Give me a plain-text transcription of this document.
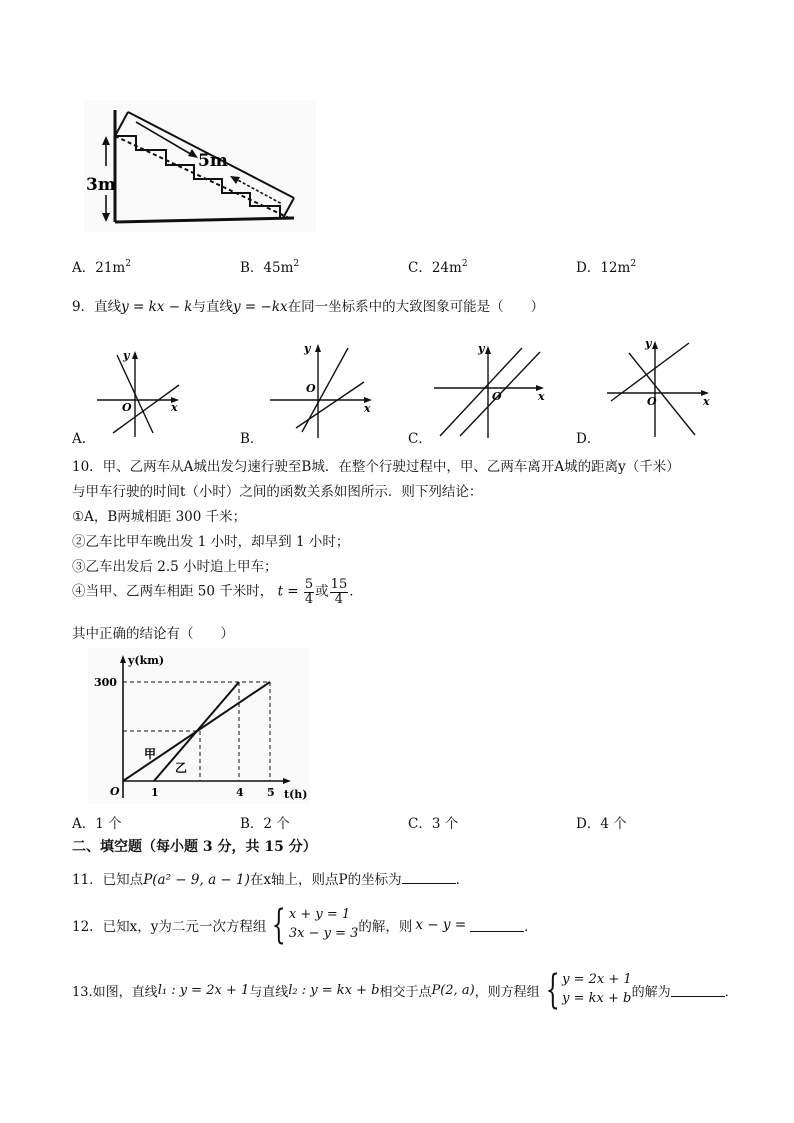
5m
3m
A．$21m^2$	B．$45m^2$	C．$24m^2$	D．$12m^2$
9．直线y = kx − k与直线y = −kx在同一坐标系中的大致图象可能是（　　）
y
x
O
A．
y
x
O
B．
y
x
O
C．
y
x
O
D．
10．甲、乙两车从A城出发匀速行驶至B城．在整个行驶过程中，甲、乙两车离开A城的距离y（千米）
与甲车行驶的时间t（小时）之间的函数关系如图所示．则下列结论：
①A，B两城相距 300 千米；
②乙车比甲车晚出发 1 小时，却早到 1 小时；
③乙车出发后 2.5 小时追上甲车；
④当甲、乙两车相距 50 千米时， $t = \frac{5}{4}$ 或 $\frac{15}{4}$ ．
其中正确的结论有（　　）
y(km)
t(h)
O
300
1	4 5
甲
乙
A．1 个	B．2 个	C．3 个	D．4 个
二、填空题（每小题 3 分，共 15 分）
11．已知点P(a² − 9, a − 1)在x轴上，则点P的坐标为	．
12．已知x，y为二元一次方程组 { x + y = 1
3x − y = 3 的解，则 x − y =	．
13.如图，直线 l₁ : y = 2x + 1 与直线 l₂ : y = kx + b 相交于点 P(2, a) ，则方程组 { y = 2x + 1
y = kx + b 的解为	．
